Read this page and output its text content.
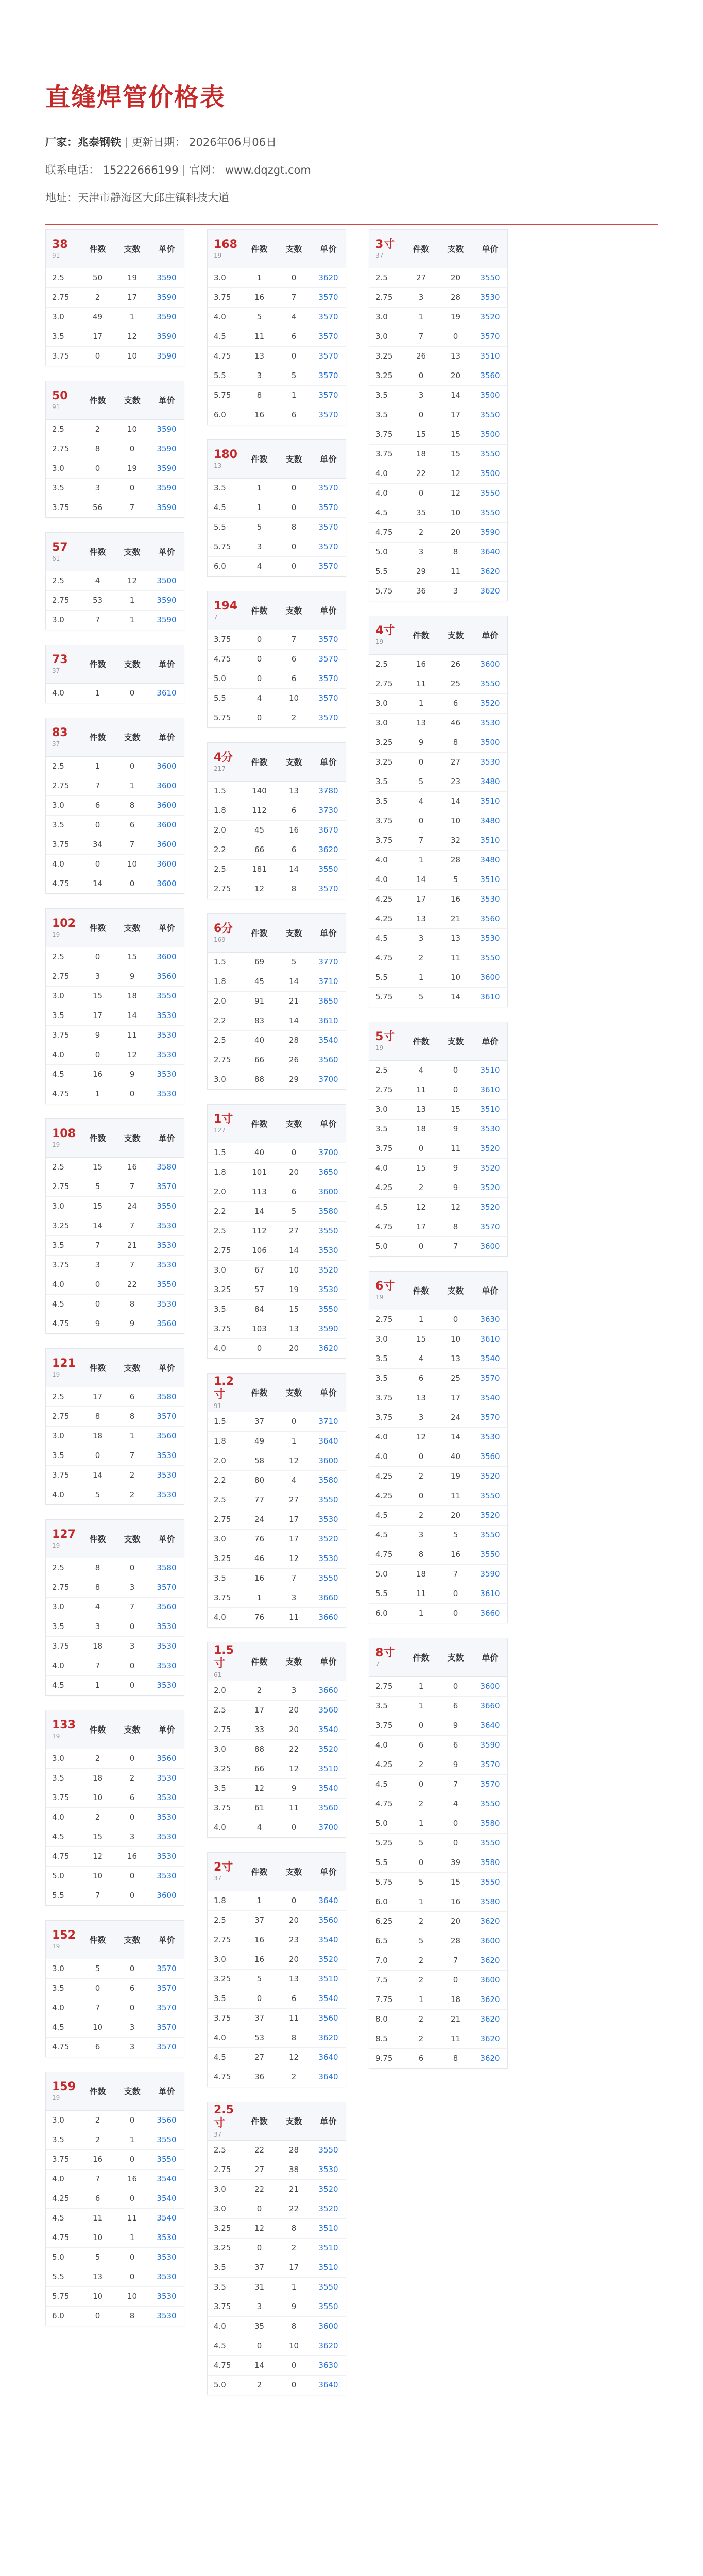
直缝焊管价格表
厂家：兆泰钢铁 | 更新日期： 2026年06月06日
联系电话： 15222666199 | 官网： www.dqzgt.com
地址：天津市静海区大邱庄镇科技大道
38
91	件数	支数	单价
2.5	50	19	3590
2.75	2	17	3590
3.0	49	1	3590
3.5	17	12	3590
3.75	0	10	3590
50
91	件数	支数	单价
2.5	2	10	3590
2.75	8	0	3590
3.0	0	19	3590
3.5	3	0	3590
3.75	56	7	3590
57
61	件数	支数	单价
2.5	4	12	3500
2.75	53	1	3590
3.0	7	1	3590
73
37	件数	支数	单价
4.0	1	0	3610
83
37	件数	支数	单价
2.5	1	0	3600
2.75	7	1	3600
3.0	6	8	3600
3.5	0	6	3600
3.75	34	7	3600
4.0	0	10	3600
4.75	14	0	3600
102
19	件数	支数	单价
2.5	0	15	3600
2.75	3	9	3560
3.0	15	18	3550
3.5	17	14	3530
3.75	9	11	3530
4.0	0	12	3530
4.5	16	9	3530
4.75	1	0	3530
108
19	件数	支数	单价
2.5	15	16	3580
2.75	5	7	3570
3.0	15	24	3550
3.25	14	7	3530
3.5	7	21	3530
3.75	3	7	3530
4.0	0	22	3550
4.5	0	8	3530
4.75	9	9	3560
121
19	件数	支数	单价
2.5	17	6	3580
2.75	8	8	3570
3.0	18	1	3560
3.5	0	7	3530
3.75	14	2	3530
4.0	5	2	3530
127
19	件数	支数	单价
2.5	8	0	3580
2.75	8	3	3570
3.0	4	7	3560
3.5	3	0	3530
3.75	18	3	3530
4.0	7	0	3530
4.5	1	0	3530
133
19	件数	支数	单价
3.0	2	0	3560
3.5	18	2	3530
3.75	10	6	3530
4.0	2	0	3530
4.5	15	3	3530
4.75	12	16	3530
5.0	10	0	3530
5.5	7	0	3600
152
19	件数	支数	单价
3.0	5	0	3570
3.5	0	6	3570
4.0	7	0	3570
4.5	10	3	3570
4.75	6	3	3570
159
19	件数	支数	单价
3.0	2	0	3560
3.5	2	1	3550
3.75	16	0	3550
4.0	7	16	3540
4.25	6	0	3540
4.5	11	11	3540
4.75	10	1	3530
5.0	5	0	3530
5.5	13	0	3530
5.75	10	10	3530
6.0	0	8	3530
168
19	件数	支数	单价
3.0	1	0	3620
3.75	16	7	3570
4.0	5	4	3570
4.5	11	6	3570
4.75	13	0	3570
5.5	3	5	3570
5.75	8	1	3570
6.0	16	6	3570
180
13	件数	支数	单价
3.5	1	0	3570
4.5	1	0	3570
5.5	5	8	3570
5.75	3	0	3570
6.0	4	0	3570
194
7	件数	支数	单价
3.75	0	7	3570
4.75	0	6	3570
5.0	0	6	3570
5.5	4	10	3570
5.75	0	2	3570
4分
217	件数	支数	单价
1.5	140	13	3780
1.8	112	6	3730
2.0	45	16	3670
2.2	66	6	3620
2.5	181	14	3550
2.75	12	8	3570
6分
169	件数	支数	单价
1.5	69	5	3770
1.8	45	14	3710
2.0	91	21	3650
2.2	83	14	3610
2.5	40	28	3540
2.75	66	26	3560
3.0	88	29	3700
1寸
127	件数	支数	单价
1.5	40	0	3700
1.8	101	20	3650
2.0	113	6	3600
2.2	14	5	3580
2.5	112	27	3550
2.75	106	14	3530
3.0	67	10	3520
3.25	57	19	3530
3.5	84	15	3550
3.75	103	13	3590
4.0	0	20	3620
1.2寸
91	件数	支数	单价
1.5	37	0	3710
1.8	49	1	3640
2.0	58	12	3600
2.2	80	4	3580
2.5	77	27	3550
2.75	24	17	3530
3.0	76	17	3520
3.25	46	12	3530
3.5	16	7	3550
3.75	1	3	3660
4.0	76	11	3660
1.5寸
61	件数	支数	单价
2.0	2	3	3660
2.5	17	20	3560
2.75	33	20	3540
3.0	88	22	3520
3.25	66	12	3510
3.5	12	9	3540
3.75	61	11	3560
4.0	4	0	3700
2寸
37	件数	支数	单价
1.8	1	0	3640
2.5	37	20	3560
2.75	16	23	3540
3.0	16	20	3520
3.25	5	13	3510
3.5	0	6	3540
3.75	37	11	3560
4.0	53	8	3620
4.5	27	12	3640
4.75	36	2	3640
2.5寸
37	件数	支数	单价
2.5	22	28	3550
2.75	27	38	3530
3.0	22	21	3520
3.0	0	22	3520
3.25	12	8	3510
3.25	0	2	3510
3.5	37	17	3510
3.5	31	1	3550
3.75	3	9	3550
4.0	35	8	3600
4.5	0	10	3620
4.75	14	0	3630
5.0	2	0	3640
3寸
37	件数	支数	单价
2.5	27	20	3550
2.75	3	28	3530
3.0	1	19	3520
3.0	7	0	3570
3.25	26	13	3510
3.25	0	20	3560
3.5	3	14	3500
3.5	0	17	3550
3.75	15	15	3500
3.75	18	15	3550
4.0	22	12	3500
4.0	0	12	3550
4.5	35	10	3550
4.75	2	20	3590
5.0	3	8	3640
5.5	29	11	3620
5.75	36	3	3620
4寸
19	件数	支数	单价
2.5	16	26	3600
2.75	11	25	3550
3.0	1	6	3520
3.0	13	46	3530
3.25	9	8	3500
3.25	0	27	3530
3.5	5	23	3480
3.5	4	14	3510
3.75	0	10	3480
3.75	7	32	3510
4.0	1	28	3480
4.0	14	5	3510
4.25	17	16	3530
4.25	13	21	3560
4.5	3	13	3530
4.75	2	11	3550
5.5	1	10	3600
5.75	5	14	3610
5寸
19	件数	支数	单价
2.5	4	0	3510
2.75	11	0	3610
3.0	13	15	3510
3.5	18	9	3530
3.75	0	11	3520
4.0	15	9	3520
4.25	2	9	3520
4.5	12	12	3520
4.75	17	8	3570
5.0	0	7	3600
6寸
19	件数	支数	单价
2.75	1	0	3630
3.0	15	10	3610
3.5	4	13	3540
3.5	6	25	3570
3.75	13	17	3540
3.75	3	24	3570
4.0	12	14	3530
4.0	0	40	3560
4.25	2	19	3520
4.25	0	11	3550
4.5	2	20	3520
4.5	3	5	3550
4.75	8	16	3550
5.0	18	7	3590
5.5	11	0	3610
6.0	1	0	3660
8寸
7	件数	支数	单价
2.75	1	0	3600
3.5	1	6	3660
3.75	0	9	3640
4.0	6	6	3590
4.25	2	9	3570
4.5	0	7	3570
4.75	2	4	3550
5.0	1	0	3580
5.25	5	0	3550
5.5	0	39	3580
5.75	5	15	3550
6.0	1	16	3580
6.25	2	20	3620
6.5	5	28	3600
7.0	2	7	3620
7.5	2	0	3600
7.75	1	18	3620
8.0	2	21	3620
8.5	2	11	3620
9.75	6	8	3620
